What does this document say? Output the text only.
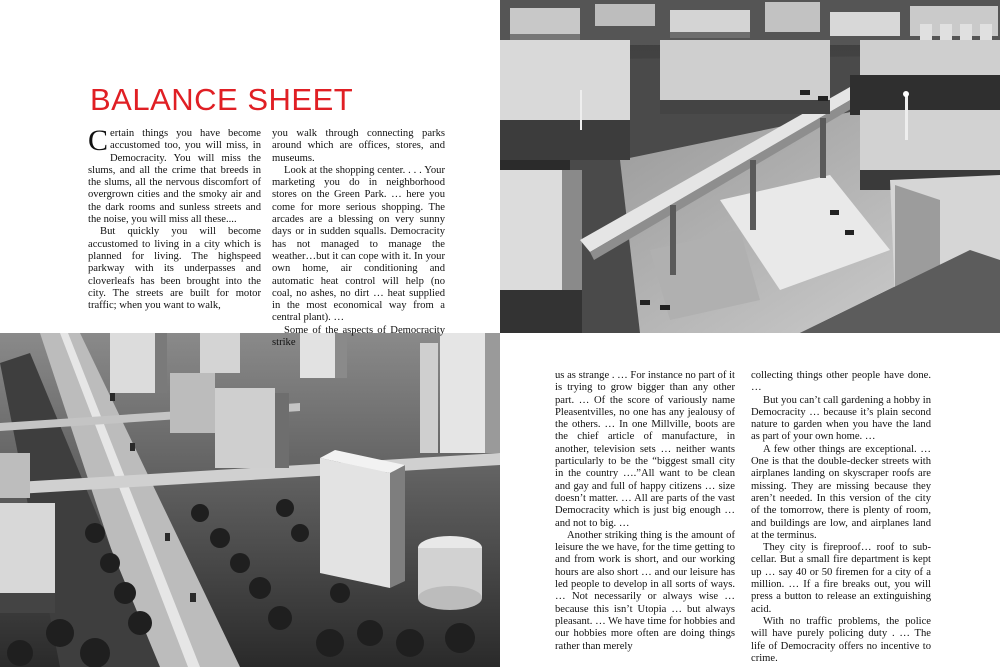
BALANCE SHEET

Certain things you have become accustomed too, you will miss, in Democracity. You will miss the slums, and all the crime that breeds in the slums, all the nervous discomfort of overgrown cities and the smoky air and the dark rooms and sunless streets and the noise, you will miss all these....

But quickly you will become accustomed to living in a city which is planned for living. The highspeed parkway with its underpasses and cloverleafs has been brought into the city. The streets are built for motor traffic; when you want to walk,

you walk through connecting parks around which are offices, stores, and museums.

Look at the shopping center. . . . Your marketing you do in neighborhood stores on the Green Park. … here you come for more serious shopping. The arcades are a blessing on very sunny days or in sudden squalls. Democracity has not managed to manage the weather…but it can cope with it. In your own home, air conditioning and automatic heat control will help (no coal, no ashes, no dirt … heat supplied in the most economical way from a central plant). …

Some of the aspects of Democracity strike

us as strange . … For instance no part of it is trying to grow bigger than any other part. … Of the score of variously name Pleasentvilles, no one has any jealousy of the others. … In one Millville, boots are the chief article of manufacture, in another, television sets … neither wants particularly to be the “biggest small city in the country ….”All want to be clean and gay and full of happy citizens … size doesn’t matter. … All are parts of the vast Democracity which is just big enough … and not to big. …

Another striking thing is the amount of leisure the we have, for the time getting to and from work is short, and our working hours are also short … and our leisure has led people to develop in all sorts of ways. … Not necessarily or always wise … because this isn’t Utopia … but always pleasant. … We have time for hobbies and our hobbies more often are doing things rather than merely

collecting things other people have done. …

But you can’t call gardening a hobby in Democracity … because it’s plain second nature to garden when you have the land as part of your own home. …

A few other things are exceptional. …One is that the double-decker streets with airplanes landing on skyscraper roofs are missing. They are missing because they aren’t needed. In this version of the city of the tomorrow, there is plenty of room, and buildings are low, and airplanes land at the terminus.

They city is fireproof… roof to sub-cellar. But a small fire department is kept up … say 40 or 50 firemen for a city of a million. … If a fire breaks out, you will press a button to release an extinguishing acid.

With no traffic problems, the police will have purely policing duty . … The life of Democracity offers no incentive to crime.
